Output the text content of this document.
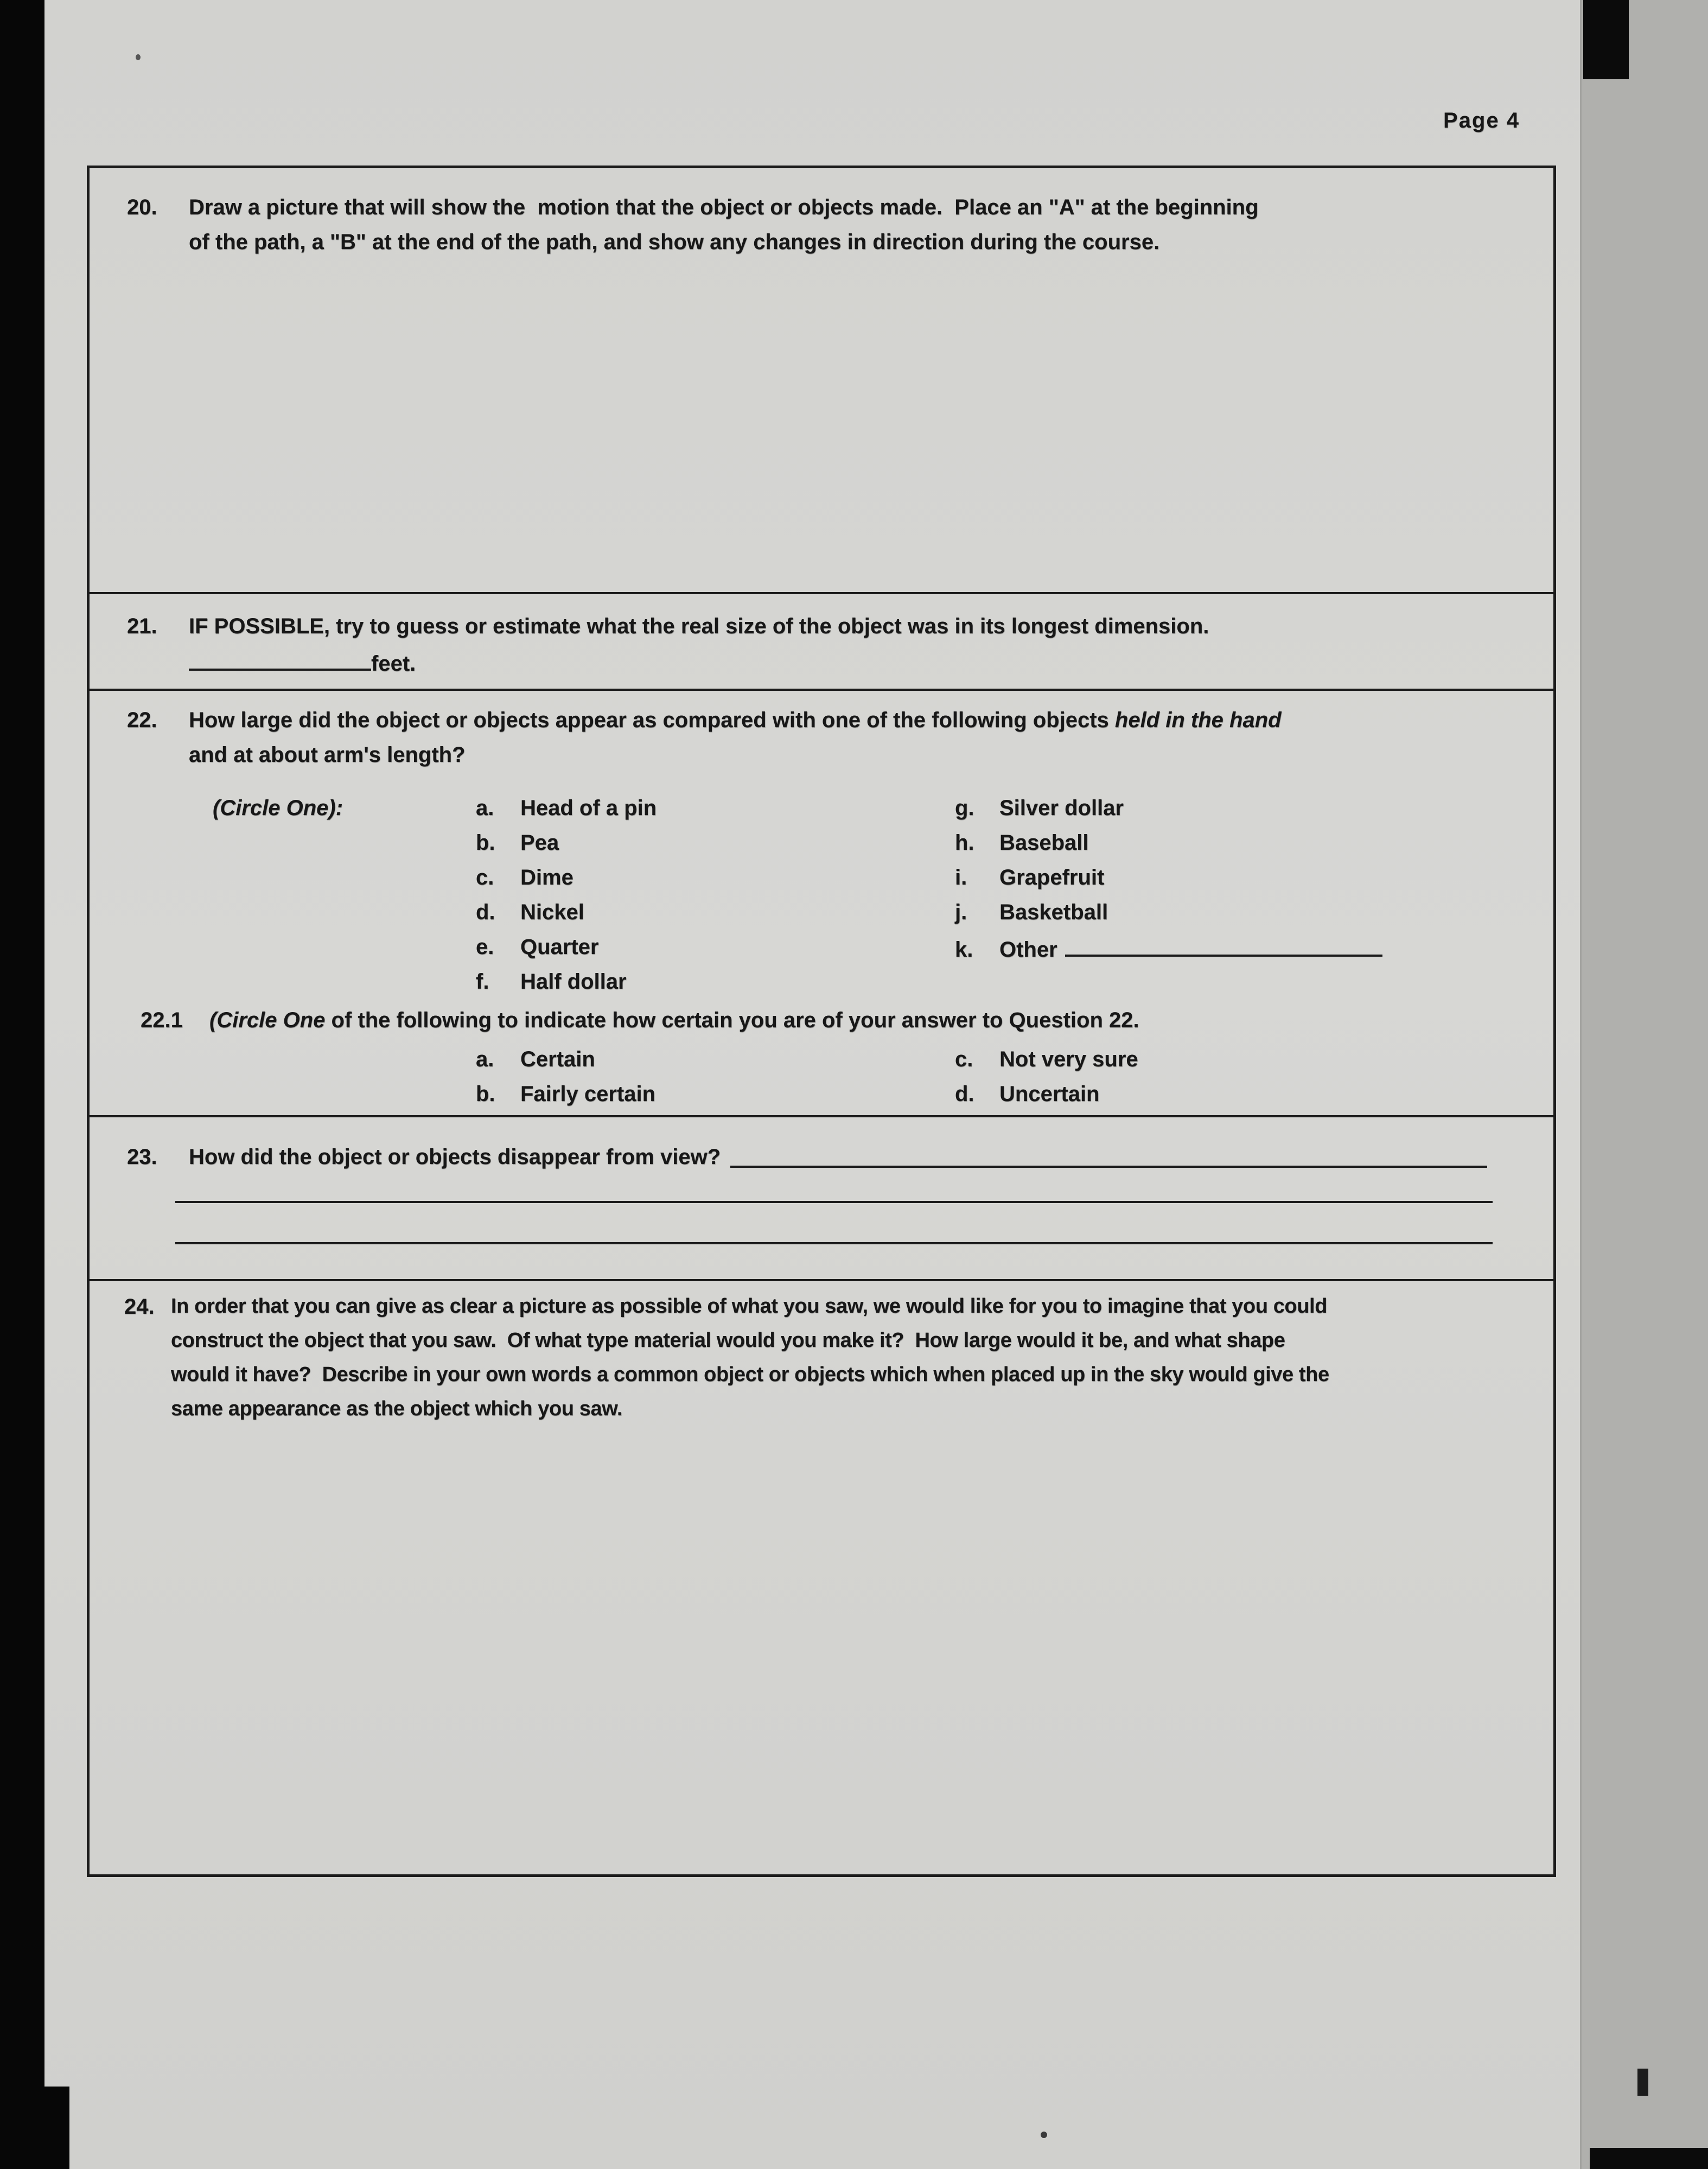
Page 4
20.	Draw a picture that will show the  motion that the object or objects made.  Place an "A" at the beginning
of the path, a "B" at the end of the path, and show any changes in direction during the course.
21.	IF POSSIBLE, try to guess or estimate what the real size of the object was in its longest dimension.
feet.
22.	How large did the object or objects appear as compared with one of the following objects held in the hand
and at about arm's length?
(Circle One):	a. Head of a pin
b. Pea
c. Dime
d. Nickel
e. Quarter
f. Half dollar
g. Silver dollar
h. Baseball
i. Grapefruit
j. Basketball
k. Other
22.1	(Circle One of the following to indicate how certain you are of your answer to Question 22.
a. Certain
b. Fairly certain
c. Not very sure
d. Uncertain
23.	How did the object or objects disappear from view?
24. In order that you can give as clear a picture as possible of what you saw, we would like for you to imagine that you could
construct the object that you saw.  Of what type material would you make it?  How large would it be, and what shape
would it have?  Describe in your own words a common object or objects which when placed up in the sky would give the
same appearance as the object which you saw.
